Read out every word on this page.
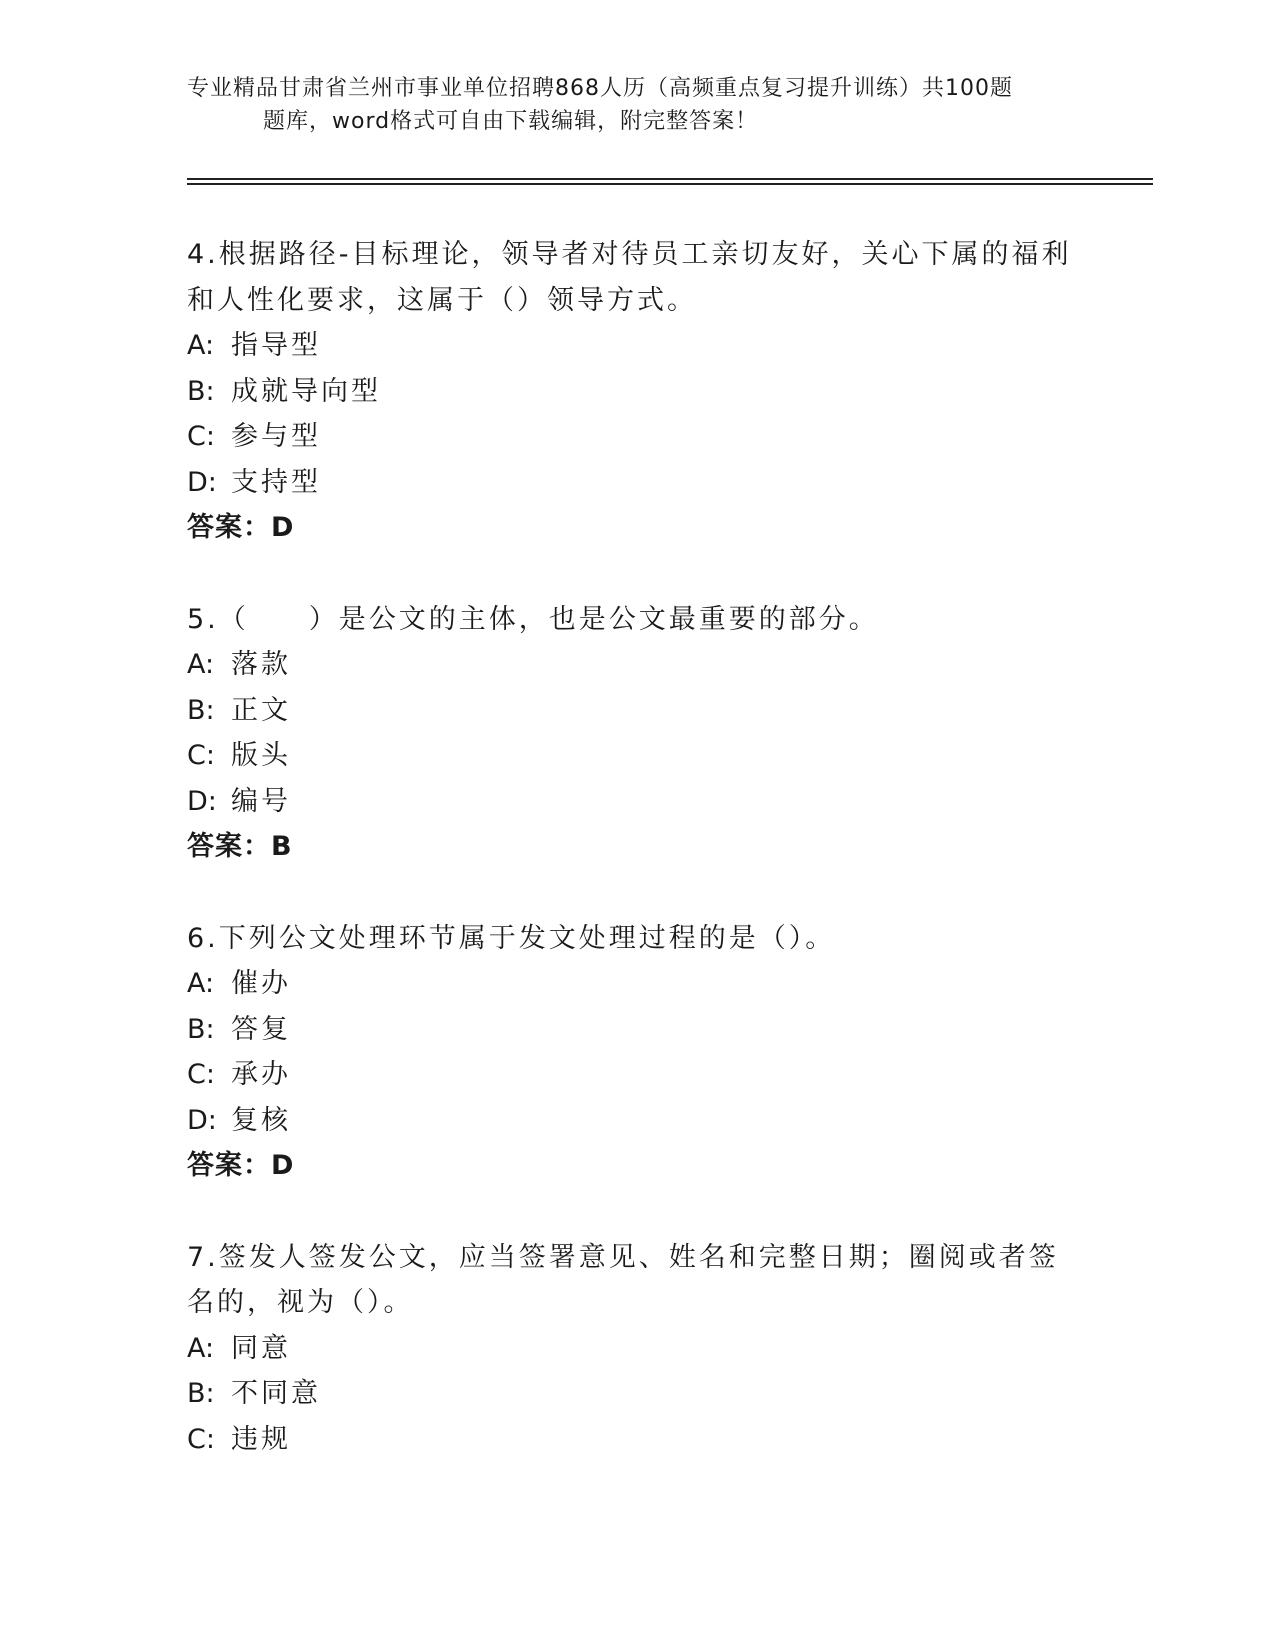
专业精品甘肃省兰州市事业单位招聘868人历（高频重点复习提升训练）共100题
题库，word格式可自由下载编辑，附完整答案！
4.根据路径-目标理论，领导者对待员工亲切友好，关心下属的福利和人性化要求，这属于（）领导方式。
A: 指导型
B: 成就导向型
C: 参与型
D: 支持型
答案：D
5.（　　）是公文的主体，也是公文最重要的部分。
A: 落款
B: 正文
C: 版头
D: 编号
答案：B
6.下列公文处理环节属于发文处理过程的是（）。
A: 催办
B: 答复
C: 承办
D: 复核
答案：D
7.签发人签发公文，应当签署意见、姓名和完整日期；圈阅或者签名的，视为（）。
A: 同意
B: 不同意
C: 违规
